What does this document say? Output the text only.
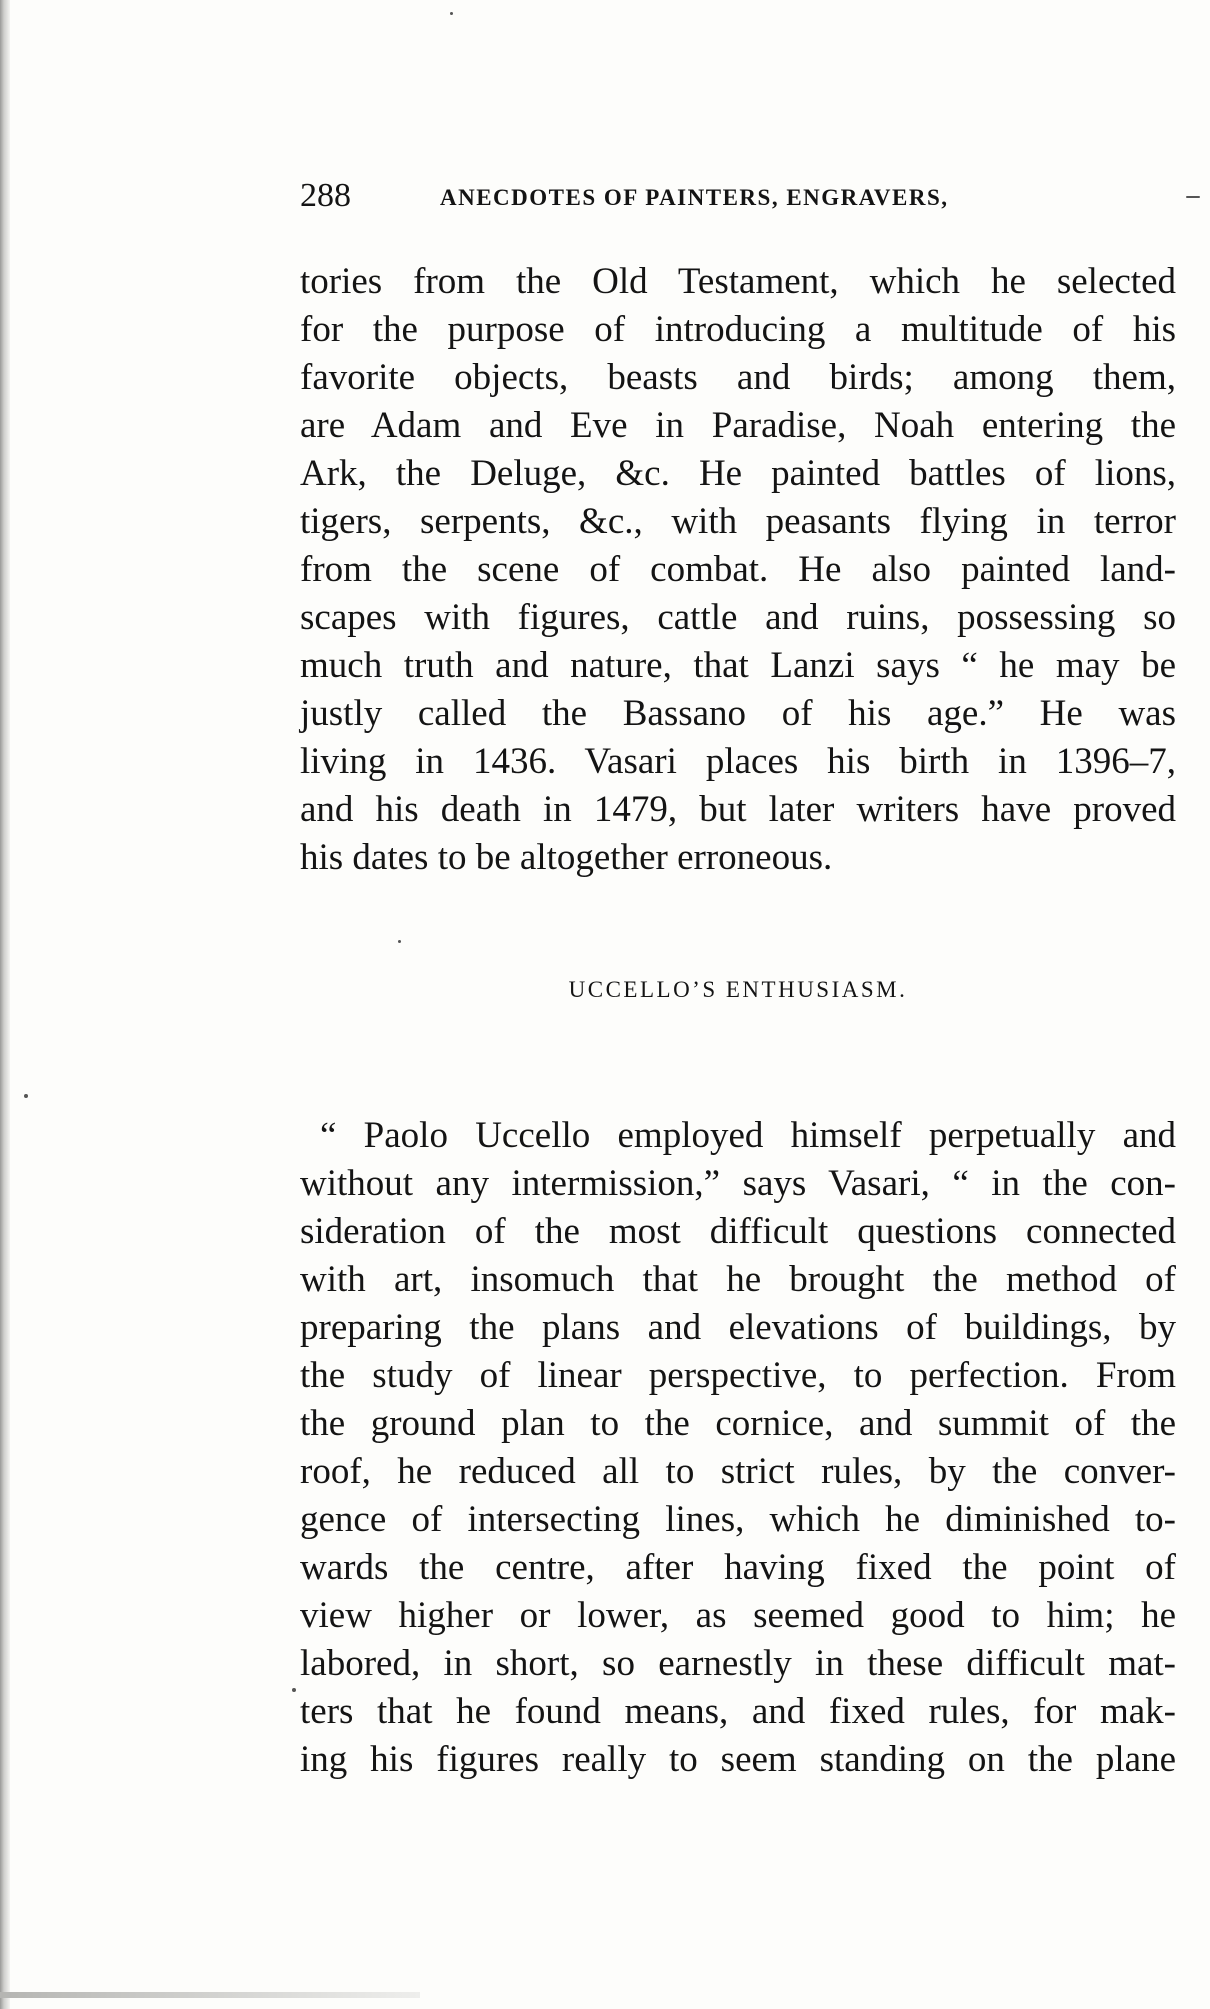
288	ANECDOTES OF PAINTERS, ENGRAVERS,

tories from the Old Testament, which he selected

for the purpose of introducing a multitude of his

favorite objects, beasts and birds; among them,

are Adam and Eve in Paradise, Noah entering the

Ark, the Deluge, &c. He painted battles of lions,

tigers, serpents, &c., with peasants flying in terror

from the scene of combat. He also painted land-

scapes with figures, cattle and ruins, possessing so

much truth and nature, that Lanzi says “ he may be

justly called the Bassano of his age.” He was

living in 1436. Vasari places his birth in 1396–7,

and his death in 1479, but later writers have proved

his dates to be altogether erroneous.

UCCELLO’S ENTHUSIASM.

“ Paolo Uccello employed himself perpetually and

without any intermission,” says Vasari, “ in the con-

sideration of the most difficult questions connected

with art, insomuch that he brought the method of

preparing the plans and elevations of buildings, by

the study of linear perspective, to perfection. From

the ground plan to the cornice, and summit of the

roof, he reduced all to strict rules, by the conver-

gence of intersecting lines, which he diminished to-

wards the centre, after having fixed the point of

view higher or lower, as seemed good to him; he

labored, in short, so earnestly in these difficult mat-

ters that he found means, and fixed rules, for mak-

ing his figures really to seem standing on the plane
